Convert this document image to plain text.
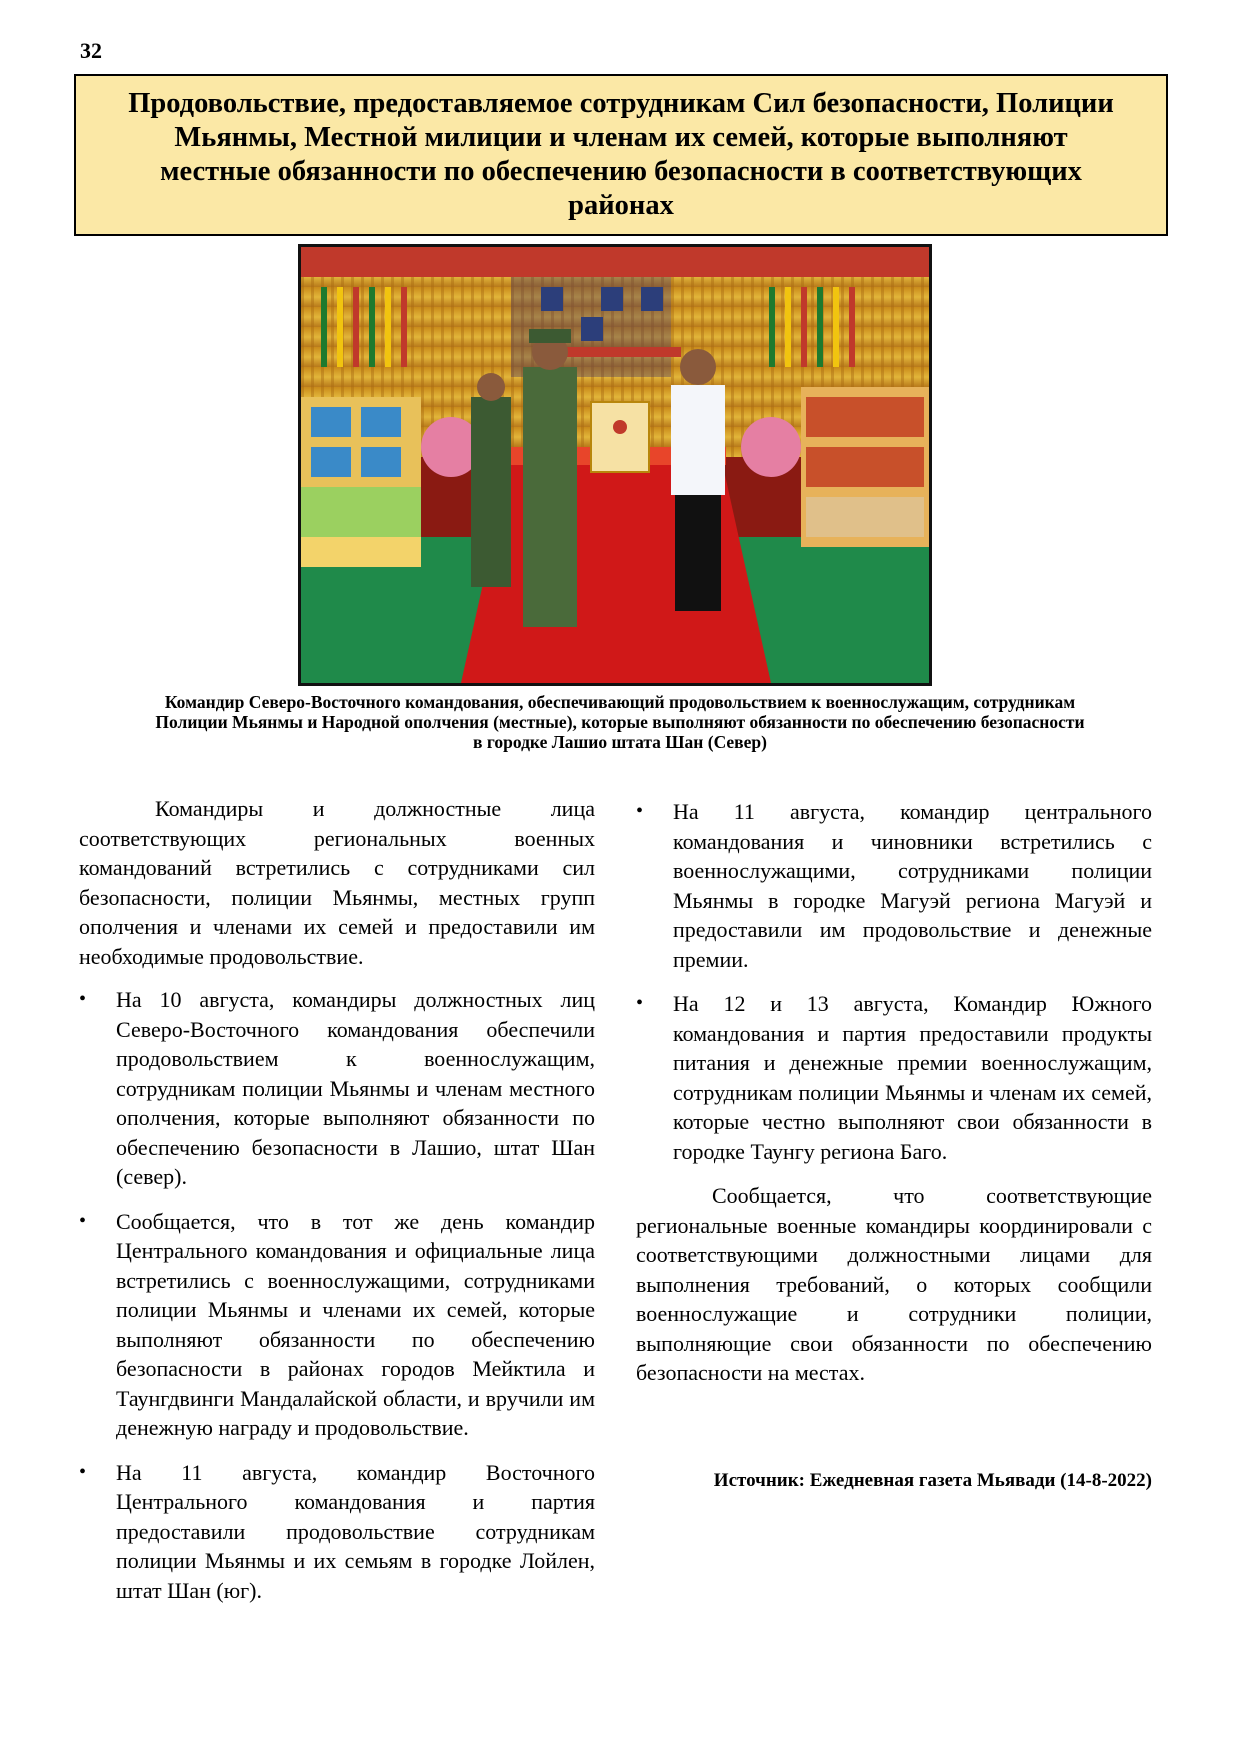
32
Продовольствие, предоставляемое сотрудникам Сил безопасности, Полиции Мьянмы, Местной милиции и членам их семей, которые выполняют местные обязанности по обеспечению безопасности в соответствующих районах
Командир Северо-Восточного командования, обеспечивающий продовольствием к военнослужащим, сотрудникам Полиции Мьянмы и Народной ополчения (местные), которые выполняют обязанности по обеспечению безопасности в городке Лашио штата Шан (Север)

Командиры и должностные лица соответствующих региональных военных командований встретились с сотрудниками сил безопасности, полиции Мьянмы, местных групп ополчения и членами их семей и предоставили им необходимые продовольствие.

•	На 10 августа, командиры должностных лиц Северо-Восточного командования обеспечили продовольствием к военнослужащим, сотрудникам полиции Мьянмы и членам местного ополчения, которые выполняют обязанности по обеспечению безопасности в Лашио, штат Шан (север).
•	Сообщается, что в тот же день командир Центрального командования и официальные лица встретились с военнослужащими, сотрудниками полиции Мьянмы и членами их семей, которые выполняют обязанности по обеспечению безопасности в районах городов Мейктила и Таунгдвинги Мандалайской области, и вручили им денежную награду и продовольствие.
•	На 11 августа, командир Восточного Центрального командования и партия предоставили продовольствие сотрудникам полиции Мьянмы и их семьям в городке Лойлен, штат Шан (юг).
•	На 11 августа, командир центрального командования и чиновники встретились с военнослужащими, сотрудниками полиции Мьянмы в городке Магуэй региона Магуэй и предоставили им продовольствие и денежные премии.
•	На 12 и 13 августа, Командир Южного командования и партия предоставили продукты питания и денежные премии военнослужащим, сотрудникам полиции Мьянмы и членам их семей, которые честно выполняют свои обязанности в городке Таунгу региона Баго.

Сообщается, что соответствующие региональные военные командиры координировали с соответствующими должностными лицами для выполнения требований, о которых сообщили военнослужащие и сотрудники полиции, выполняющие свои обязанности по обеспечению безопасности на местах.

Источник: Ежедневная газета Мьявади (14-8-2022)
